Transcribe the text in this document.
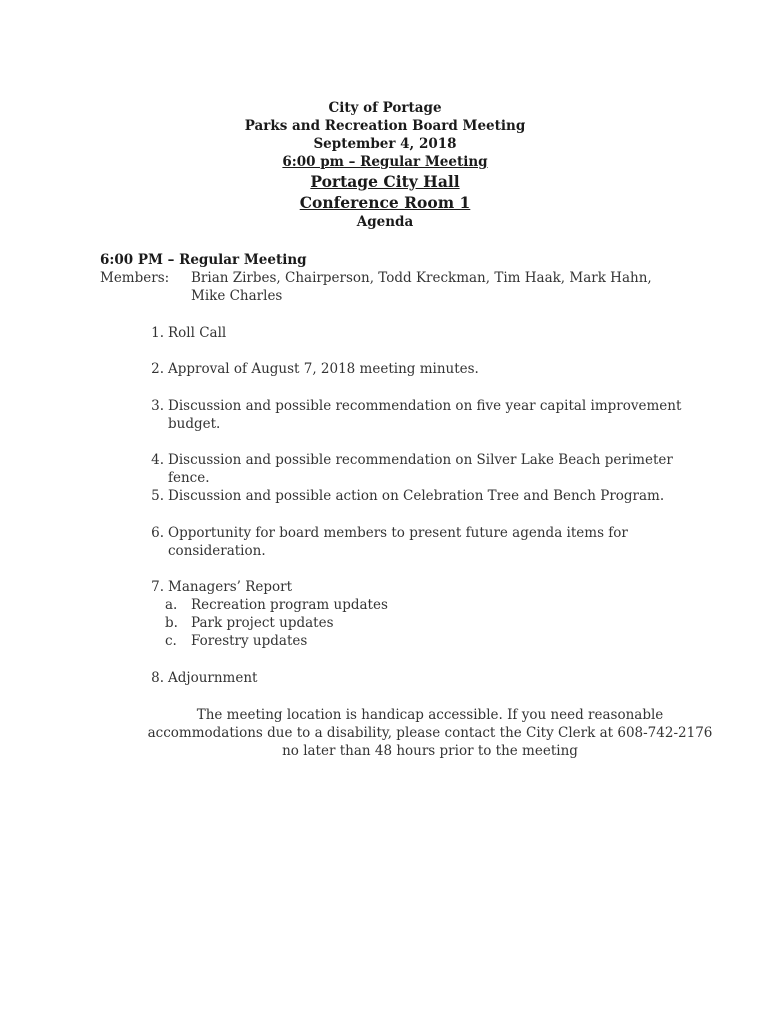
City of Portage
Parks and Recreation Board Meeting
September 4, 2018
6:00 pm – Regular Meeting
Portage City Hall
Conference Room 1
Agenda
6:00 PM – Regular Meeting
Members: Brian Zirbes, Chairperson, Todd Kreckman, Tim Haak, Mark Hahn,
Mike Charles
1. Roll Call
2. Approval of August 7, 2018 meeting minutes.
3. Discussion and possible recommendation on five year capital improvement
budget.
4. Discussion and possible recommendation on Silver Lake Beach perimeter fence.
5. Discussion and possible action on Celebration Tree and Bench Program.
6. Opportunity for board members to present future agenda items for
consideration.
7. Managers’ Report
a. Recreation program updates
b. Park project updates
c.	Forestry updates
8. Adjournment
The meeting location is handicap accessible. If you need reasonable
accommodations due to a disability, please contact the City Clerk at 608-742-2176
no later than 48 hours prior to the meeting
